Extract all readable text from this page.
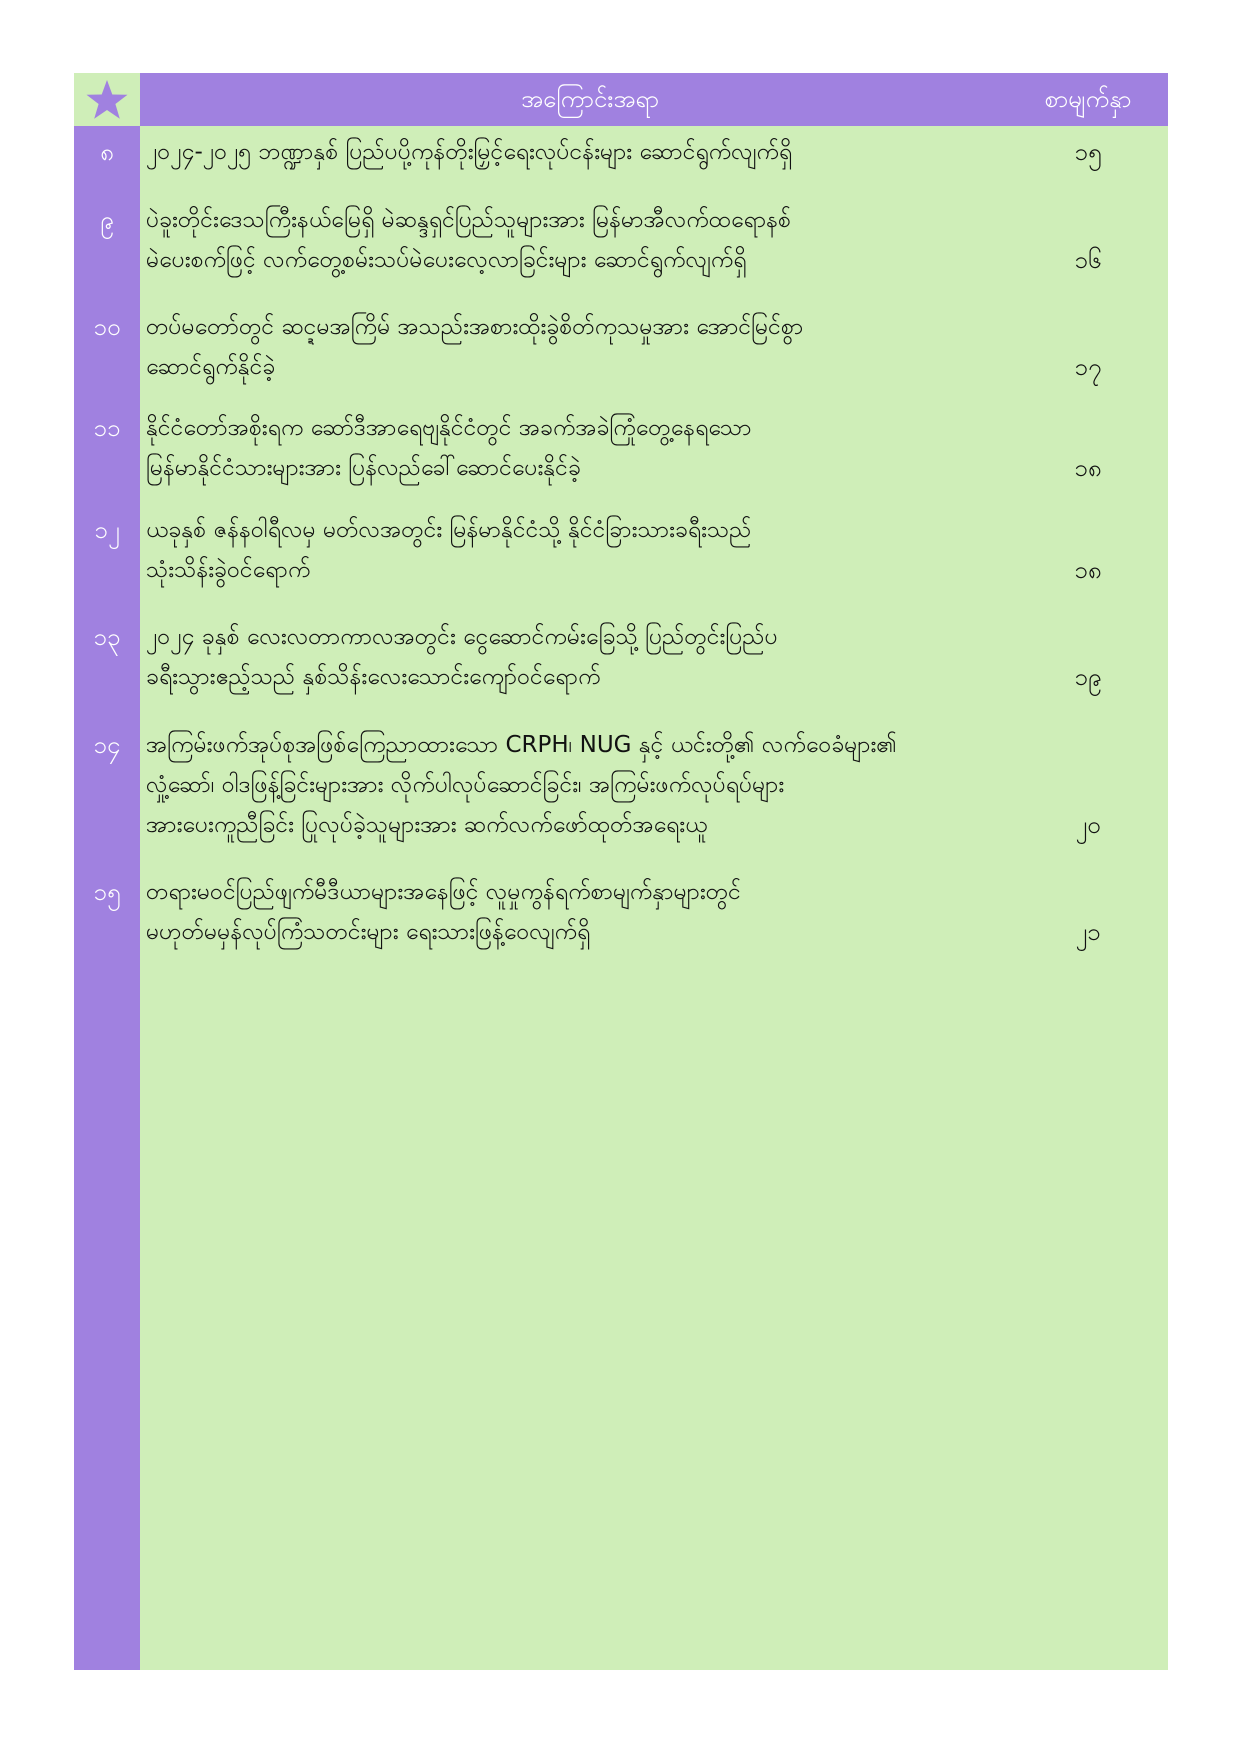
အကြောင်းအရာ	စာမျက်နှာ
၈	၂၀၂၄-၂၀၂၅ ဘဏ္ဍာနှစ် ပြည်ပပို့ကုန်တိုးမြှင့်ရေးလုပ်ငန်းများ ဆောင်ရွက်လျက်ရှိ	၁၅
၉	ပဲခူးတိုင်းဒေသကြီးနယ်မြေရှိ မဲဆန္ဒရှင်ပြည်သူများအား မြန်မာအီလက်ထရောနစ်
မဲပေးစက်ဖြင့် လက်တွေ့စမ်းသပ်မဲပေးလေ့လာခြင်းများ ဆောင်ရွက်လျက်ရှိ	၁၆
၁၀	တပ်မတော်တွင် ဆင္ဍမအကြိမ် အသည်းအစားထိုးခွဲစိတ်ကုသမှုအား အောင်မြင်စွာ
ဆောင်ရွက်နိုင်ခဲ့	၁၇
၁၁	နိုင်ငံတော်အစိုးရက ဆော်ဒီအာရေဗျနိုင်ငံတွင် အခက်အခဲကြုံတွေ့နေရသော
မြန်မာနိုင်ငံသားများအား ပြန်လည်ခေါ်ဆောင်ပေးနိုင်ခဲ့	၁၈
၁၂	ယခုနှစ် ဇန်နဝါရီလမှ မတ်လအတွင်း မြန်မာနိုင်ငံသို့ နိုင်ငံခြားသားခရီးသည်
သုံးသိန်းခွဲဝင်ရောက်	၁၈
၁၃	၂၀၂၄ ခုနှစ် လေးလတာကာလအတွင်း ငွေဆောင်ကမ်းခြေသို့ ပြည်တွင်းပြည်ပ
ခရီးသွားဧည့်သည် နှစ်သိန်းလေးသောင်းကျော်ဝင်ရောက်	၁၉
၁၄	အကြမ်းဖက်အုပ်စုအဖြစ်ကြေညာထားသော CRPH၊ NUG နှင့် ယင်းတို့၏ လက်ဝေခံများ၏
လှုံ့ဆော်၊ ဝါဒဖြန့်ခြင်းများအား လိုက်ပါလုပ်ဆောင်ခြင်း၊ အကြမ်းဖက်လုပ်ရပ်များ
အားပေးကူညီခြင်း ပြုလုပ်ခဲ့သူများအား ဆက်လက်ဖော်ထုတ်အရေးယူ	၂၀
၁၅	တရားမဝင်ပြည်ဖျက်မီဒီယာများအနေဖြင့် လူမှုကွန်ရက်စာမျက်နှာများတွင်
မဟုတ်မမှန်လုပ်ကြံသတင်းများ ရေးသားဖြန့်ဝေလျက်ရှိ	၂၁
